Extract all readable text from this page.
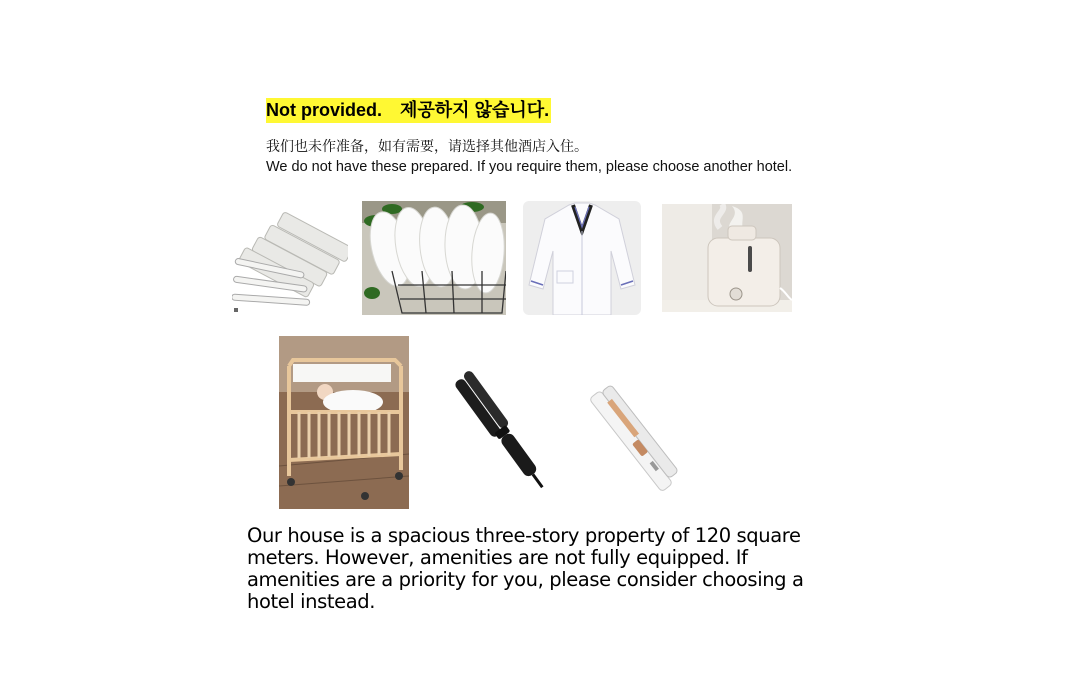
Not provided. 제공하지 않습니다.
我们也未作准备，如有需要，请选择其他酒店入住。
We do not have these prepared. If you require them, please choose another hotel.
Our house is a spacious three-story property of 120 square meters. However, amenities are not fully equipped. If amenities are a priority for you, please consider choosing a hotel instead.
